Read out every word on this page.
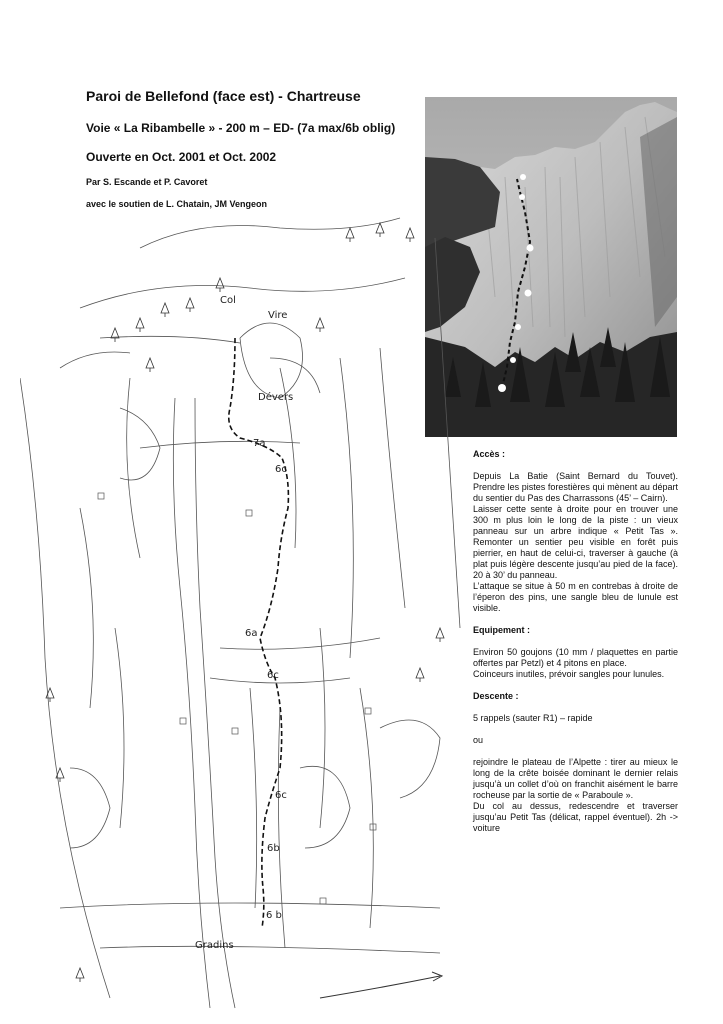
Paroi de Bellefond (face est) - Chartreuse
Voie « La Ribambelle » - 200 m – ED- (7a max/6b oblig)
Ouverte en Oct. 2001 et Oct. 2002
Par S. Escande et P. Cavoret
avec le soutien de L. Chatain, JM Vengeon
Col
Vire
Dévers
7a
6c
6a
6c
6c
6b
6 b
Gradins

Accès :

Depuis La Batie (Saint Bernard du Touvet). Prendre les pistes forestières qui mènent au départ du sentier du Pas des Charrassons (45’ – Cairn).

Laisser cette sente à droite pour en trouver une 300 m plus loin le long de la piste : un vieux panneau sur un arbre indique « Petit Tas ». Remonter un sentier peu visible en forêt puis pierrier, en haut de celui-ci, traverser à gauche (à plat puis légère descente jusqu’au pied de la face). 20 à 30’ du panneau.

L’attaque se situe à 50 m en contrebas à droite de l’éperon des pins, une sangle bleu de lunule est visible.

Equipement :

Environ 50 goujons (10 mm / plaquettes en partie offertes par Petzl) et 4 pitons en place.

Coinceurs inutiles, prévoir sangles pour lunules.

Descente :

5 rappels (sauter R1) – rapide

ou

rejoindre le plateau de l’Alpette : tirer au mieux le long de la crête boisée dominant le dernier relais jusqu’à un collet d’où on franchit aisément le barre rocheuse par la sortie de « Paraboule ».

Du col au dessus, redescendre et traverser jusqu’au Petit Tas (délicat, rappel éventuel). 2h -> voiture
